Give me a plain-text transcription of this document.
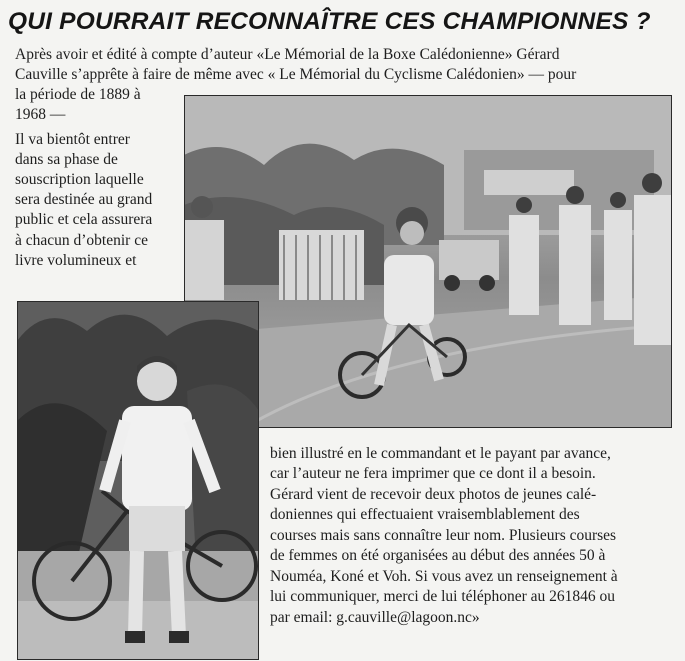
QUI POURRAIT RECONNAÎTRE CES CHAMPIONNES ?
Après avoir et édité à compte d’auteur «Le Mémorial de la Boxe Calédonienne» Gérard
Cauville s’apprête à faire de même avec « Le Mémorial du Cyclisme Calédonien» — pour
la période de 1889 à
1968 —
Il va bientôt entrer
dans sa phase de
souscription laquelle
sera destinée au grand
public et cela assurera
à chacun d’obtenir ce
livre volumineux et
bien illustré en le commandant et le payant par avance,
car l’auteur ne fera imprimer que ce dont il a besoin.
Gérard vient de recevoir deux photos de jeunes calé-
doniennes qui effectuaient vraisemblablement des
courses mais sans connaître leur nom. Plusieurs courses
de femmes on été organisées au début des années 50 à
Nouméa, Koné et Voh. Si vous avez un renseignement à
lui communiquer, merci de lui téléphoner au 261846 ou
par email: g.cauville@lagoon.nc»
